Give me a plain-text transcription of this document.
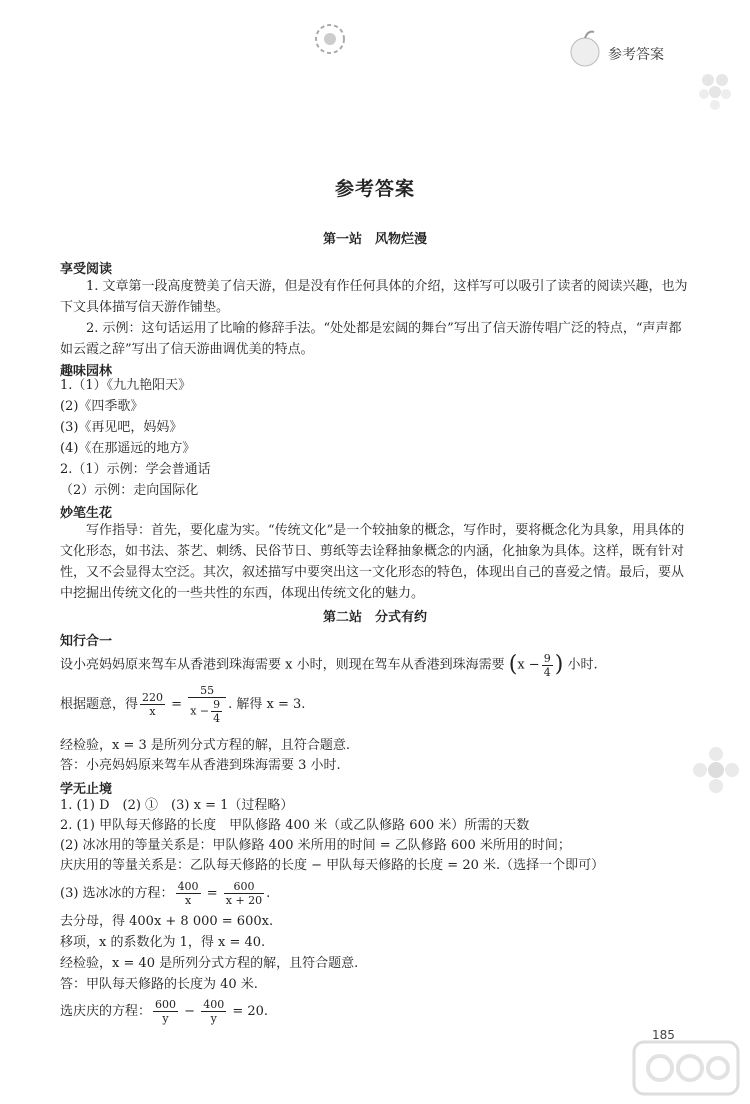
参考答案
参考答案
第一站　风物烂漫
享受阅读
1. 文章第一段高度赞美了信天游，但是没有作任何具体的介绍，这样写可以吸引了读者的阅读兴趣，也为下文具体描写信天游作铺垫。
2. 示例：这句话运用了比喻的修辞手法。“处处都是宏阔的舞台”写出了信天游传唱广泛的特点，“声声都如云霞之辞”写出了信天游曲调优美的特点。
趣味园林
1.（1）《九九艳阳天》
(2)《四季歌》
(3)《再见吧，妈妈》
(4)《在那遥远的地方》
2.（1）示例：学会普通话
（2）示例：走向国际化
妙笔生花
写作指导：首先，要化虚为实。“传统文化”是一个较抽象的概念，写作时，要将概念化为具象，用具体的文化形态，如书法、茶艺、刺绣、民俗节日、剪纸等去诠释抽象概念的内涵，化抽象为具体。这样，既有针对性，又不会显得太空泛。其次，叙述描写中要突出这一文化形态的特色，体现出自己的喜爱之情。最后，要从中挖掘出传统文化的一些共性的东西，体现出传统文化的魅力。
第二站　分式有约
知行合一
设小亮妈妈原来驾车从香港到珠海需要 x 小时，则现在驾车从香港到珠海需要 ($x - \frac{9}{4}$ ) 小时.
根据题意，得 $\frac{220}{x} = \frac{55}{x - \frac{9}{4}}$ . 解得 x = 3.
经检验，x = 3 是所列分式方程的解，且符合题意.
答：小亮妈妈原来驾车从香港到珠海需要 3 小时.
学无止境
1. (1) D　(2) ①　(3) x = 1（过程略）
2. (1) 甲队每天修路的长度　甲队修路 400 米（或乙队修路 600 米）所需的天数
(2) 冰冰用的等量关系是：甲队修路 400 米所用的时间 = 乙队修路 600 米所用的时间；
庆庆用的等量关系是：乙队每天修路的长度 − 甲队每天修路的长度 = 20 米.（选择一个即可）
(3) 选冰冰的方程： $\frac{400}{x} = \frac{600}{x + 20}$ .
去分母，得 400x + 8 000 = 600x.
移项，x 的系数化为 1，得 x = 40.
经检验，x = 40 是所列分式方程的解，且符合题意.
答：甲队每天修路的长度为 40 米.
选庆庆的方程： $\frac{600}{y} - \frac{400}{y} = 20$.
185
